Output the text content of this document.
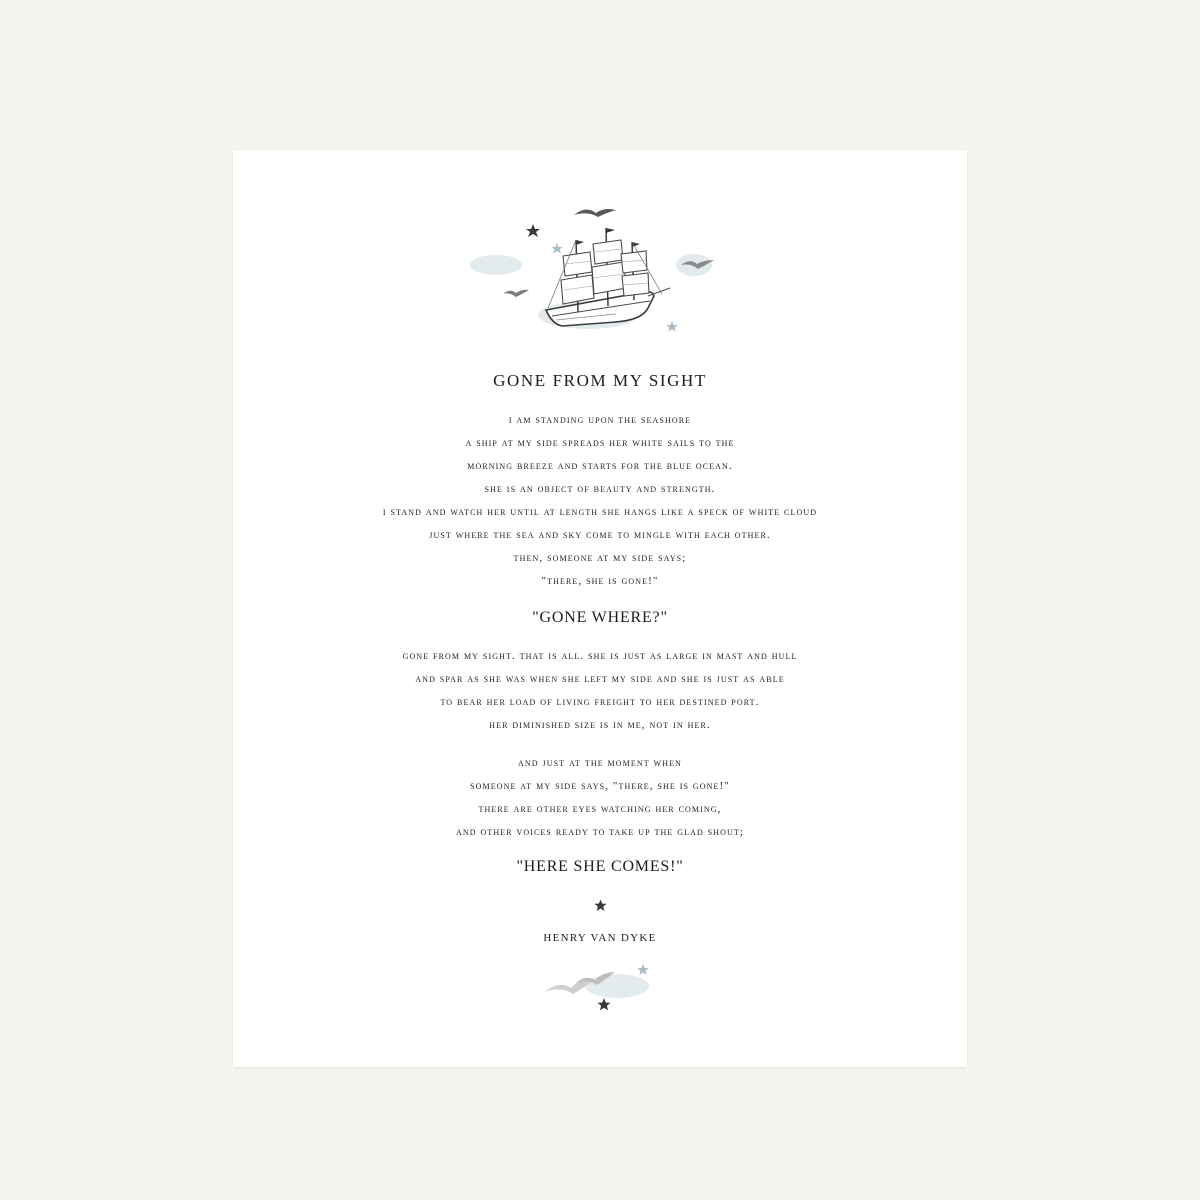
GONE FROM MY SIGHT
i am standing upon the seashore
a ship at my side spreads her white sails to the
morning breeze and starts for the blue ocean.
she is an object of beauty and strength.
i stand and watch her until at length she hangs like a speck of white cloud
just where the sea and sky come to mingle with each other.
then, someone at my side says;
"there, she is gone!"

"GONE WHERE?"

gone from my sight. that is all. she is just as large in mast and hull
and spar as she was when she left my side and she is just as able
to bear her load of living freight to her destined port.
her diminished size is in me, not in her.
and just at the moment when
someone at my side says, "there, she is gone!"
there are other eyes watching her coming,
and other voices ready to take up the glad shout;

"HERE SHE COMES!"

HENRY VAN DYKE
